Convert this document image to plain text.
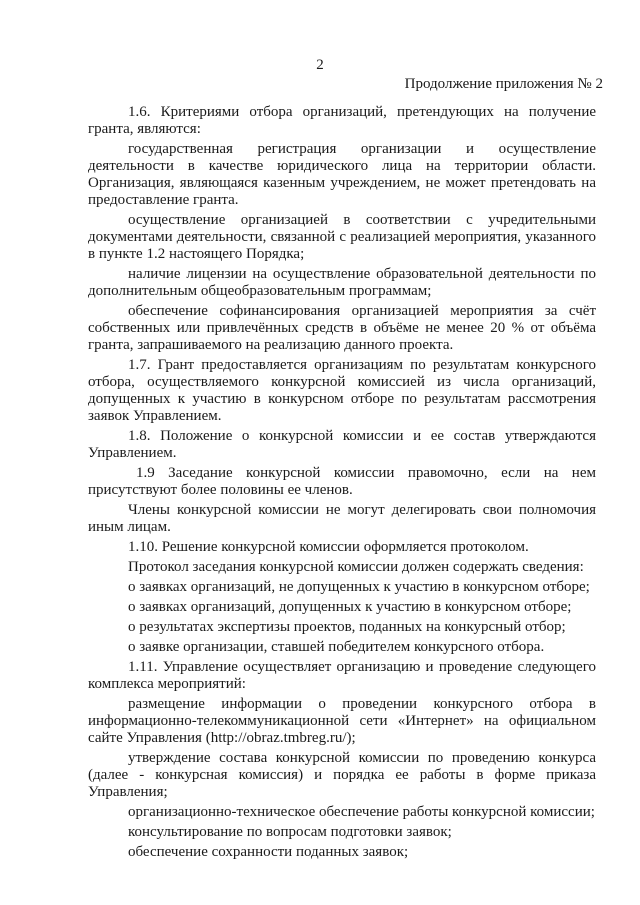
2
Продолжение приложения № 2

1.6. Критериями отбора организаций, претендующих на получение гранта, являются:

государственная регистрация организации и осуществление деятельности в качестве юридического лица на территории области. Организация, являющаяся казенным учреждением, не может претендовать на предоставление гранта.

осуществление организацией в соответствии с учредительными документами деятельности, связанной с реализацией мероприятия, указанного в пункте 1.2 настоящего Порядка;

наличие лицензии на осуществление образовательной деятельности по дополнительным общеобразовательным программам;

обеспечение софинансирования организацией мероприятия за счёт собственных или привлечённых средств в объёме не менее 20 % от объёма гранта, запрашиваемого на реализацию данного проекта.

1.7. Грант предоставляется организациям по результатам конкурсного отбора, осуществляемого конкурсной комиссией из числа организаций, допущенных к участию в конкурсном отборе по результатам рассмотрения заявок Управлением.

1.8. Положение о конкурсной комиссии и ее состав утверждаются Управлением.

1.9 Заседание конкурсной комиссии правомочно, если на нем присутствуют более половины ее членов.

Члены конкурсной комиссии не могут делегировать свои полномочия иным лицам.

1.10. Решение конкурсной комиссии оформляется протоколом.

Протокол заседания конкурсной комиссии должен содержать сведения:

о заявках организаций, не допущенных к участию в конкурсном отборе;

о заявках организаций, допущенных к участию в конкурсном отборе;

о результатах экспертизы проектов, поданных на конкурсный отбор;

о заявке организации, ставшей победителем конкурсного отбора.

1.11. Управление осуществляет организацию и проведение следующего комплекса мероприятий:

размещение информации о проведении конкурсного отбора в информационно-телекоммуникационной сети «Интернет» на официальном сайте Управления (http://obraz.tmbreg.ru/);

утверждение состава конкурсной комиссии по проведению конкурса (далее - конкурсная комиссия) и порядка ее работы в форме приказа Управления;

организационно-техническое обеспечение работы конкурсной комиссии;

консультирование по вопросам подготовки заявок;

обеспечение сохранности поданных заявок;
